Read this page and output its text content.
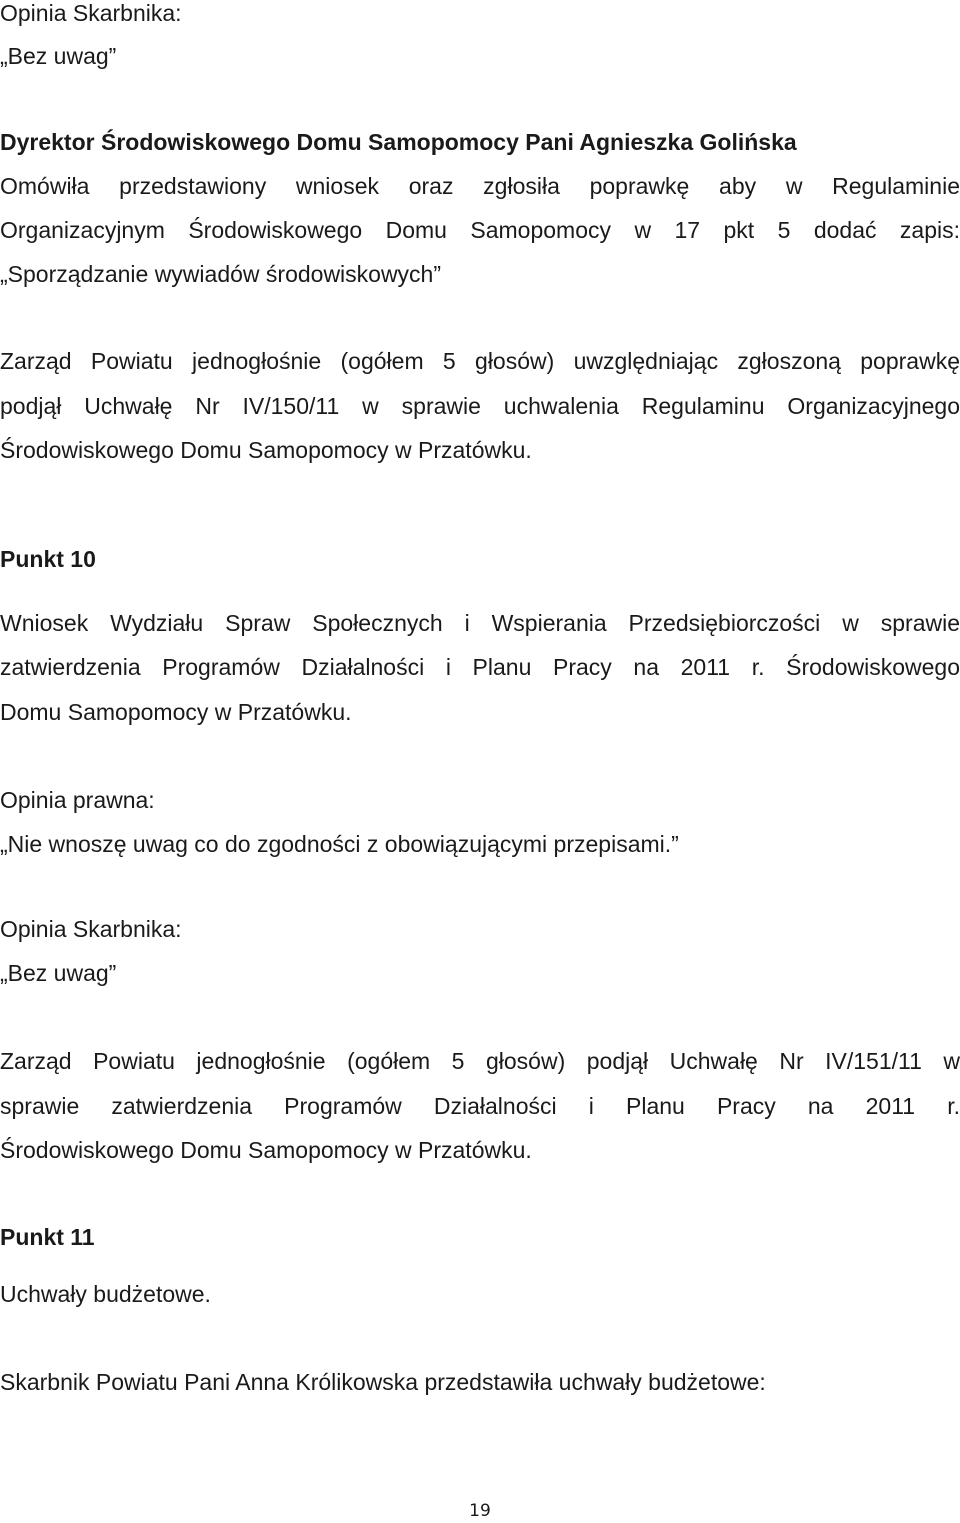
Opinia Skarbnika:
„Bez uwag”
Dyrektor Środowiskowego Domu Samopomocy Pani Agnieszka Golińska
Omówiła przedstawiony wniosek oraz zgłosiła poprawkę aby w Regulaminie
Organizacyjnym Środowiskowego Domu Samopomocy w 17 pkt 5 dodać zapis:
„Sporządzanie wywiadów środowiskowych”
Zarząd Powiatu jednogłośnie (ogółem 5 głosów) uwzględniając zgłoszoną poprawkę
podjął Uchwałę Nr IV/150/11 w sprawie uchwalenia Regulaminu Organizacyjnego
Środowiskowego Domu Samopomocy w Przatówku.
Punkt 10
Wniosek Wydziału Spraw Społecznych i Wspierania Przedsiębiorczości w sprawie
zatwierdzenia Programów Działalności i Planu Pracy na 2011 r. Środowiskowego
Domu Samopomocy w Przatówku.
Opinia prawna:
„Nie wnoszę uwag co do zgodności z obowiązującymi przepisami.”
Opinia Skarbnika:
„Bez uwag”
Zarząd Powiatu jednogłośnie (ogółem 5 głosów) podjął Uchwałę Nr IV/151/11 w
sprawie zatwierdzenia Programów Działalności i Planu Pracy na 2011 r.
Środowiskowego Domu Samopomocy w Przatówku.
Punkt 11
Uchwały budżetowe.
Skarbnik Powiatu Pani Anna Królikowska przedstawiła uchwały budżetowe:
19
